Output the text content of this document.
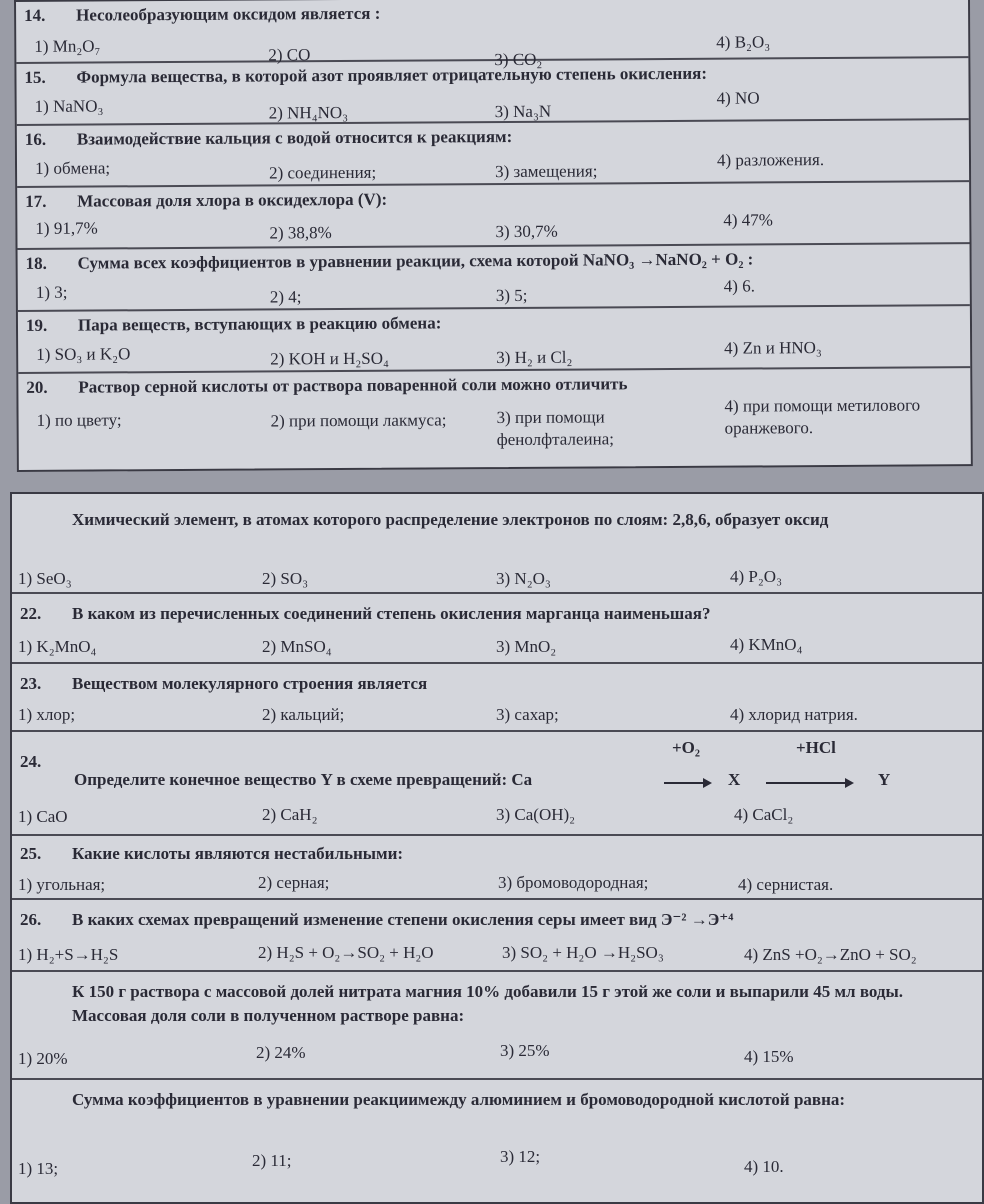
14. Несолеобразующим оксидом является :
1) Mn₂O₇	2) CO	3) CO₂
4) B₂O₃
15. Формула вещества, в которой азот проявляет отрицательную степень окисления:
1) NaNO₃	2) NH₄NO₃	3) Na₃N
4) NO
16. Взаимодействие кальция с водой относится к реакциям:
1) обмена;	2) соединения;	3) замещения;
4) разложения.
17. Массовая доля хлора в оксидехлора (V):
1) 91,7%	2) 38,8%	3) 30,7%
4) 47%
18. Сумма всех коэффициентов в уравнении реакции, схема которой NaNO₃ →NaNO₂ + O₂ :
1) 3;	2) 4;	3) 5;	4) 6.
19. Пара веществ, вступающих в реакцию обмена:
1) SO₃ и K₂O	2) KOH и H₂SO₄	3) H₂ и Cl₂	4) Zn и HNO₃
20. Раствор серной кислоты от раствора поваренной соли можно отличить
1) по цвету;	2) при помощи лакмуса;	3) при помощи фенолфталеина;
4) при помощи метилового оранжевого.
Химический элемент, в атомах которого распределение электронов по слоям: 2,8,6, образует оксид
1) SeO₃	2) SO₃	3) N₂O₃	4) P₂O₃
22. В каком из перечисленных соединений степень окисления марганца наименьшая?
1) K₂MnO₄	2) MnSO₄	3) MnO₂	4) KMnO₄
23. Веществом молекулярного строения является
1) хлор;	2) кальций;	3) сахар;	4) хлорид натрия.
24.
Определите конечное вещество Y в схеме превращений: Ca
+O₂
X
+HCl
Y
1) CaO	2) CaH₂	3) Ca(OH)₂	4) CaCl₂
25. Какие кислоты являются нестабильными:
1) угольная;	2) серная;	3) бромоводородная;	4) сернистая.
26. В каких схемах превращений изменение степени окисления серы имеет вид Э⁻² →Э⁺⁴
1) H₂+S→H₂S	2) H₂S + O₂→SO₂ + H₂O	3) SO₂ + H₂O →H₂SO₃	4) ZnS +O₂→ZnO + SO₂
К 150 г раствора с массовой долей нитрата магния 10% добавили 15 г этой же соли и выпарили 45 мл воды. Массовая доля соли в полученном растворе равна:
1) 20%	2) 24%	3) 25%	4) 15%
Сумма коэффициентов в уравнении реакциимежду алюминием и бромоводородной кислотой равна:
1) 13;	2) 11;	3) 12;
4) 10.
